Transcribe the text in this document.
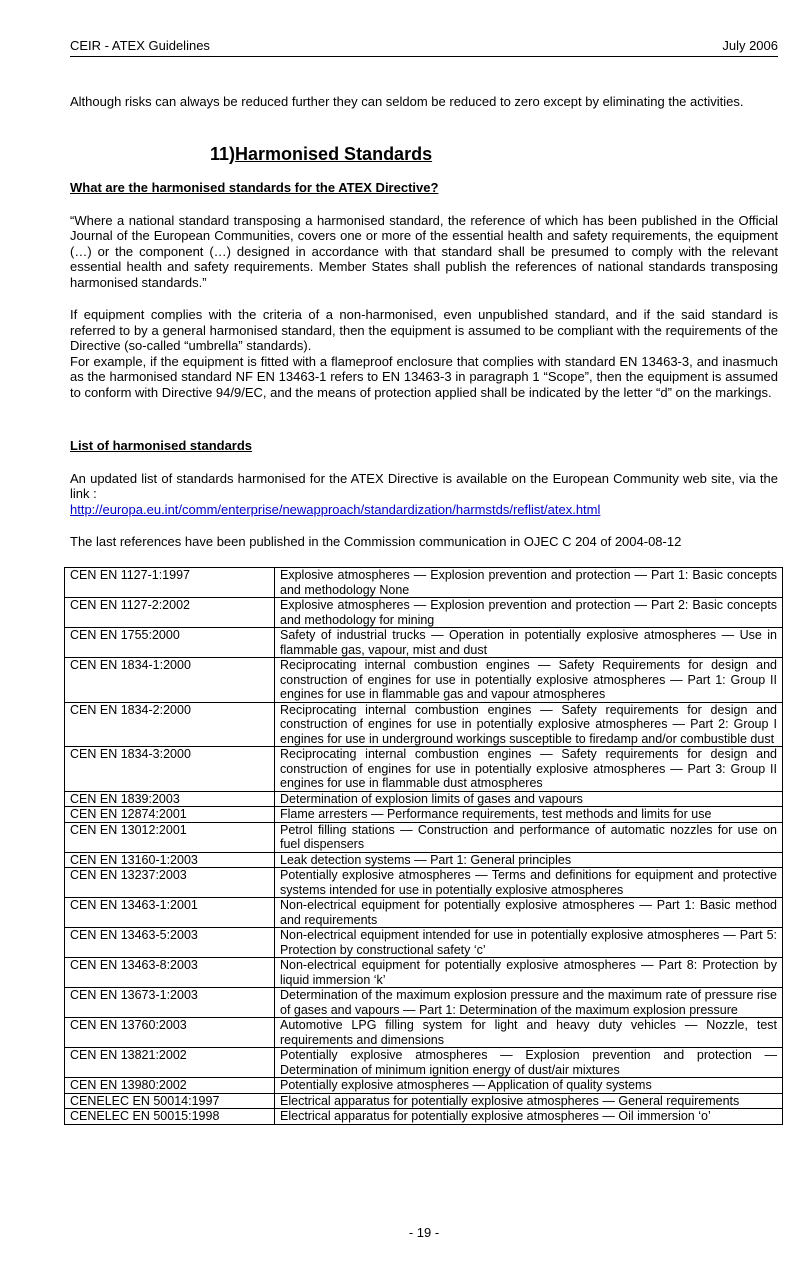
CEIR - ATEX Guidelines	July 2006

Although risks can always be reduced further they can seldom be reduced to zero except by eliminating the activities.

11)Harmonised Standards

What are the harmonised standards for the ATEX Directive?

“Where a national standard transposing a harmonised standard, the reference of which has been published in the Official Journal of the European Communities, covers one or more of the essential health and safety requirements, the equipment (…) or the component (…) designed in accordance with that standard shall be presumed to comply with the relevant essential health and safety requirements. Member States shall publish the references of national standards transposing harmonised standards.”

If equipment complies with the criteria of a non-harmonised, even unpublished standard, and if the said standard is referred to by a general harmonised standard, then the equipment is assumed to be compliant with the requirements of the Directive (so-called “umbrella” standards).

For example, if the equipment is fitted with a flameproof enclosure that complies with standard EN 13463-3, and inasmuch as the harmonised standard NF EN 13463-1 refers to EN 13463-3 in paragraph 1 “Scope”, then the equipment is assumed to conform with Directive 94/9/EC, and the means of protection applied shall be indicated by the letter “d” on the markings.

List of harmonised standards

An updated list of standards harmonised for the ATEX Directive is available on the European Community web site, via the link :

http://europa.eu.int/comm/enterprise/newapproach/standardization/harmstds/reflist/atex.html

The last references have been published in the Commission communication in OJEC C 204 of 2004-08-12

CEN EN 1127-1:1997	Explosive atmospheres — Explosion prevention and protection — Part 1: Basic concepts and methodology None
CEN EN 1127-2:2002	Explosive atmospheres — Explosion prevention and protection — Part 2: Basic concepts and methodology for mining
CEN EN 1755:2000	Safety of industrial trucks — Operation in potentially explosive atmospheres — Use in flammable gas, vapour, mist and dust
CEN EN 1834-1:2000	Reciprocating internal combustion engines — Safety Requirements for design and construction of engines for use in potentially explosive atmospheres — Part 1: Group II engines for use in flammable gas and vapour atmospheres
CEN EN 1834-2:2000	Reciprocating internal combustion engines — Safety requirements for design and construction of engines for use in potentially explosive atmospheres — Part 2: Group I engines for use in underground workings susceptible to firedamp and/or combustible dust
CEN EN 1834-3:2000	Reciprocating internal combustion engines — Safety requirements for design and construction of engines for use in potentially explosive atmospheres — Part 3: Group II engines for use in flammable dust atmospheres
CEN EN 1839:2003	Determination of explosion limits of gases and vapours
CEN EN 12874:2001	Flame arresters — Performance requirements, test methods and limits for use
CEN EN 13012:2001	Petrol filling stations — Construction and performance of automatic nozzles for use on fuel dispensers
CEN EN 13160-1:2003	Leak detection systems — Part 1: General principles
CEN EN 13237:2003	Potentially explosive atmospheres — Terms and definitions for equipment and protective systems intended for use in potentially explosive atmospheres
CEN EN 13463-1:2001	Non-electrical equipment for potentially explosive atmospheres — Part 1: Basic method and requirements
CEN EN 13463-5:2003	Non-electrical equipment intended for use in potentially explosive atmospheres — Part 5: Protection by constructional safety ‘c’
CEN EN 13463-8:2003	Non-electrical equipment for potentially explosive atmospheres — Part 8: Protection by liquid immersion ‘k’
CEN EN 13673-1:2003	Determination of the maximum explosion pressure and the maximum rate of pressure rise of gases and vapours — Part 1: Determination of the maximum explosion pressure
CEN EN 13760:2003	Automotive LPG filling system for light and heavy duty vehicles — Nozzle, test requirements and dimensions
CEN EN 13821:2002	Potentially explosive atmospheres — Explosion prevention and protection — Determination of minimum ignition energy of dust/air mixtures
CEN EN 13980:2002	Potentially explosive atmospheres — Application of quality systems
CENELEC EN 50014:1997	Electrical apparatus for potentially explosive atmospheres — General requirements
CENELEC EN 50015:1998	Electrical apparatus for potentially explosive atmospheres — Oil immersion ‘o’
- 19 -
